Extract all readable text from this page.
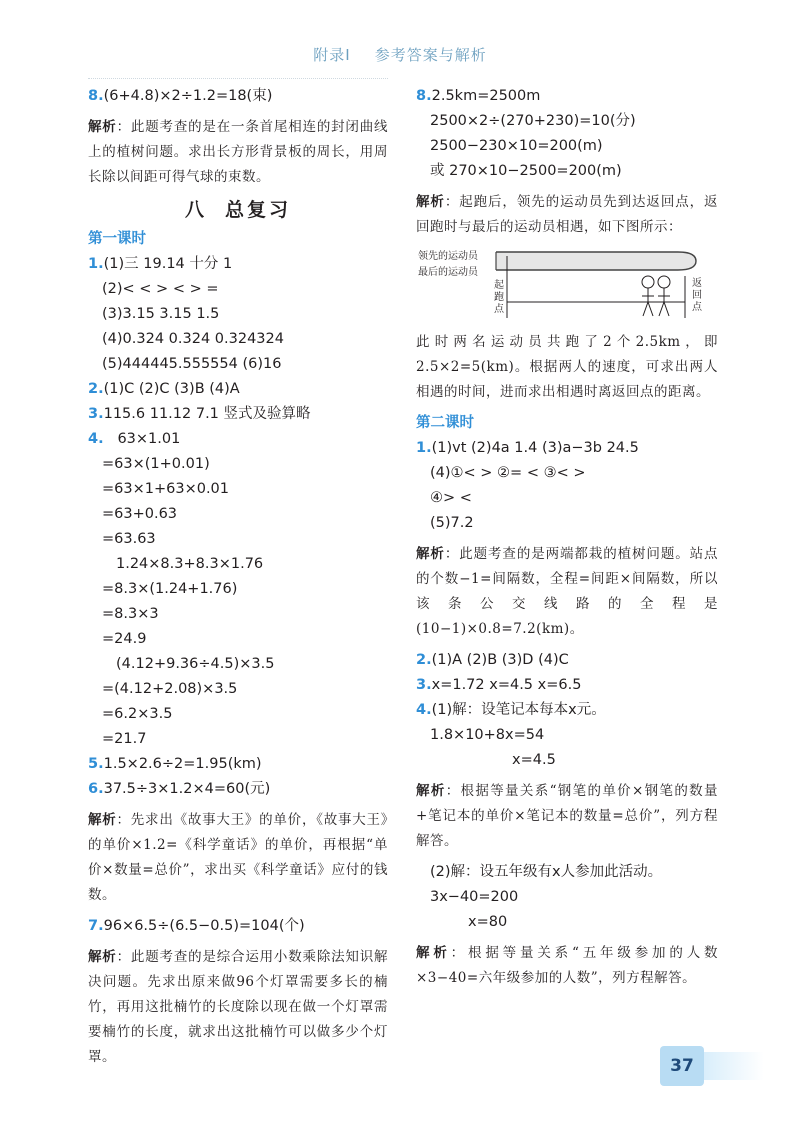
附录Ⅰ 参考答案与解析
8.(6+4.8)×2÷1.2=18(束)
解析：此题考查的是在一条首尾相连的封闭曲线上的植树问题。求出长方形背景板的周长，用周长除以间距可得气球的束数。
八 总复习
第一课时
1.(1)三 19.14 十分 1
(2)< < > < > =
(3)3.15 3.15 1.5
(4)0.324 0.324 0.324324
(5)444445.555554 (6)16
2.(1)C (2)C (3)B (4)A
3.115.6 11.12 7.1 竖式及验算略
4. 63×1.01
=63×(1+0.01)
=63×1+63×0.01
=63+0.63
=63.63
1.24×8.3+8.3×1.76
=8.3×(1.24+1.76)
=8.3×3
=24.9
(4.12+9.36÷4.5)×3.5
=(4.12+2.08)×3.5
=6.2×3.5
=21.7
5.1.5×2.6÷2=1.95(km)
6.37.5÷3×1.2×4=60(元)
解析：先求出《故事大王》的单价，《故事大王》的单价×1.2=《科学童话》的单价，再根据“单价×数量=总价”，求出买《科学童话》应付的钱数。
7.96×6.5÷(6.5−0.5)=104(个)
解析：此题考查的是综合运用小数乘除法知识解决问题。先求出原来做96个灯罩需要多长的楠竹，再用这批楠竹的长度除以现在做一个灯罩需要楠竹的长度，就求出这批楠竹可以做多少个灯罩。
8.2.5km=2500m
2500×2÷(270+230)=10(分)
2500−230×10=200(m)
或 270×10−2500=200(m)
解析：起跑后，领先的运动员先到达返回点，返回跑时与最后的运动员相遇，如下图所示：
领先的运动员
最后的运动员
起跑点
返回点
此时两名运动员共跑了2个2.5km，即2.5×2=5(km)。根据两人的速度，可求出两人相遇的时间，进而求出相遇时离返回点的距离。
第二课时
1.(1)vt (2)4a 1.4 (3)a−3b 24.5
(4)①< > ②= < ③< >
④> <
(5)7.2
解析：此题考查的是两端都栽的植树问题。站点的个数−1=间隔数，全程=间距×间隔数，所以该条公交线路的全程是(10−1)×0.8=7.2(km)。
2.(1)A (2)B (3)D (4)C
3.x=1.72 x=4.5 x=6.5
4.(1)解：设笔记本每本x元。
1.8×10+8x=54
x=4.5
解析：根据等量关系“钢笔的单价×钢笔的数量+笔记本的单价×笔记本的数量=总价”，列方程解答。
(2)解：设五年级有x人参加此活动。
3x−40=200
x=80
解析：根据等量关系“五年级参加的人数×3−40=六年级参加的人数”，列方程解答。
37
